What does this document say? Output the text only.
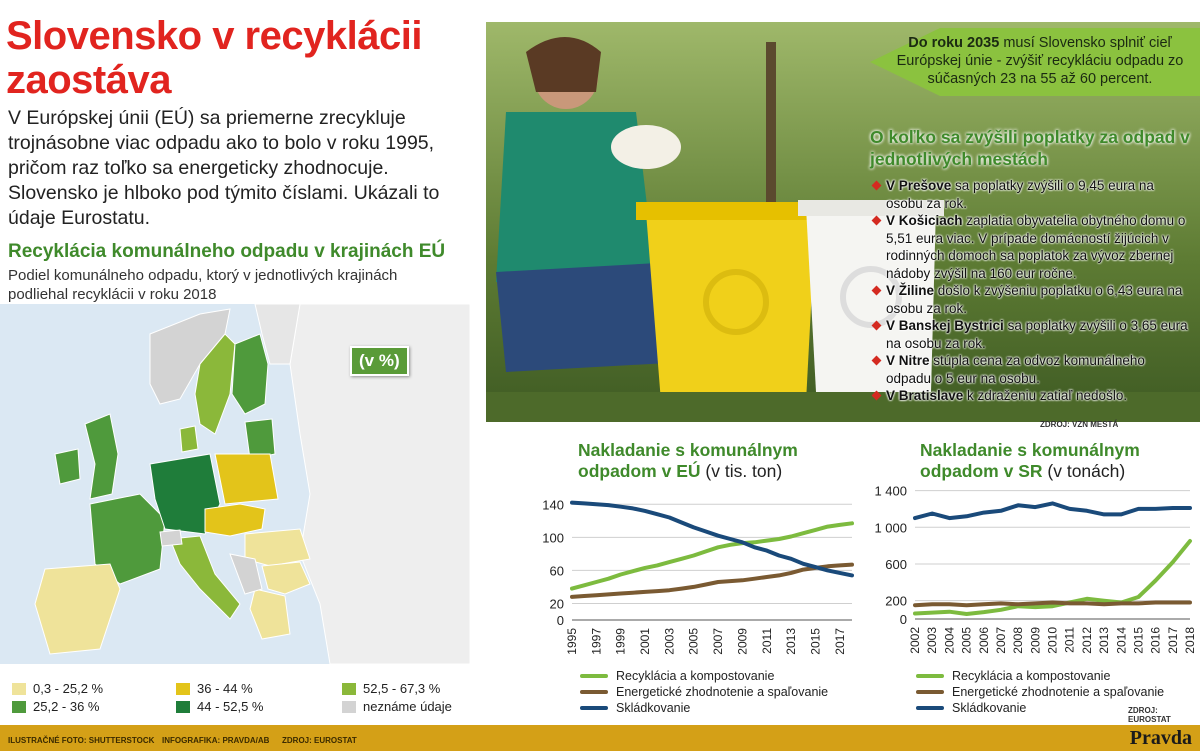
Slovensko v recyklácii zaostáva
V Európskej únii (EÚ) sa priemerne zrecykluje trojnásobne viac odpadu ako to bolo v roku 1995, pričom raz toľko sa energeticky zhodnocuje. Slovensko je hlboko pod týmito číslami. Ukázali to údaje Eurostatu.
Recyklácia komunálneho odpadu v krajinách EÚ
Podiel komunálneho odpadu, ktorý v jednotlivých krajinách podliehal recyklácii v roku 2018
(v %)
0,3 - 25,2 %	36 - 44 %	52,5 - 67,3 %
25,2 - 36 %	44 - 52,5 %	neznáme údaje
Do roku 2035 musí Slovensko splniť cieľ Európskej únie - zvýšiť recykláciu odpadu zo súčasných 23 na 55 až 60 percent.
O koľko sa zvýšili poplatky za odpad v jednotlivých mestách
V Prešove sa poplatky zvýšili o 9,45 eura na osobu za rok.
V Košiciach zaplatia obyvatelia obytného domu o 5,51 eura viac. V prípade domácností žijúcich v rodinných domoch sa poplatok za vývoz zbernej nádoby zvýšil na 160 eur ročne.
V Žiline došlo k zvýšeniu poplatku o 6,43 eura na osobu za rok.
V Banskej Bystrici sa poplatky zvýšili o 3,65 eura na osobu za rok.
V Nitre stúpla cena za odvoz komunálneho odpadu o 5 eur na osobu.
V Bratislave k zdraženiu zatiaľ nedošlo.
ZDROJ: VZN MESTÁ
Nakladanie s komunálnym odpadom v EÚ (v tis. ton)
Nakladanie s komunálnym odpadom v SR (v tonách)
0
20
60
100
140
1995 1997 1999 2001 2003 2005 2007 2009 2011 2013 2015 2017
0
200
600
1 000
1 400
2002 2003 2004 2005 2006 2007 2008 2009 2010 2011 2012 2013 2014 2015 2016 2017 2018
Recyklácia a kompostovanie
Energetické zhodnotenie a spaľovanie
Skládkovanie
Recyklácia a kompostovanie
Energetické zhodnotenie a spaľovanie
Skládkovanie	ZDROJ: EUROSTAT
ILUSTRAČNÉ FOTO: SHUTTERSTOCK INFOGRAFIKA: PRAVDA/AB ZDROJ: EUROSTAT	Pravda
